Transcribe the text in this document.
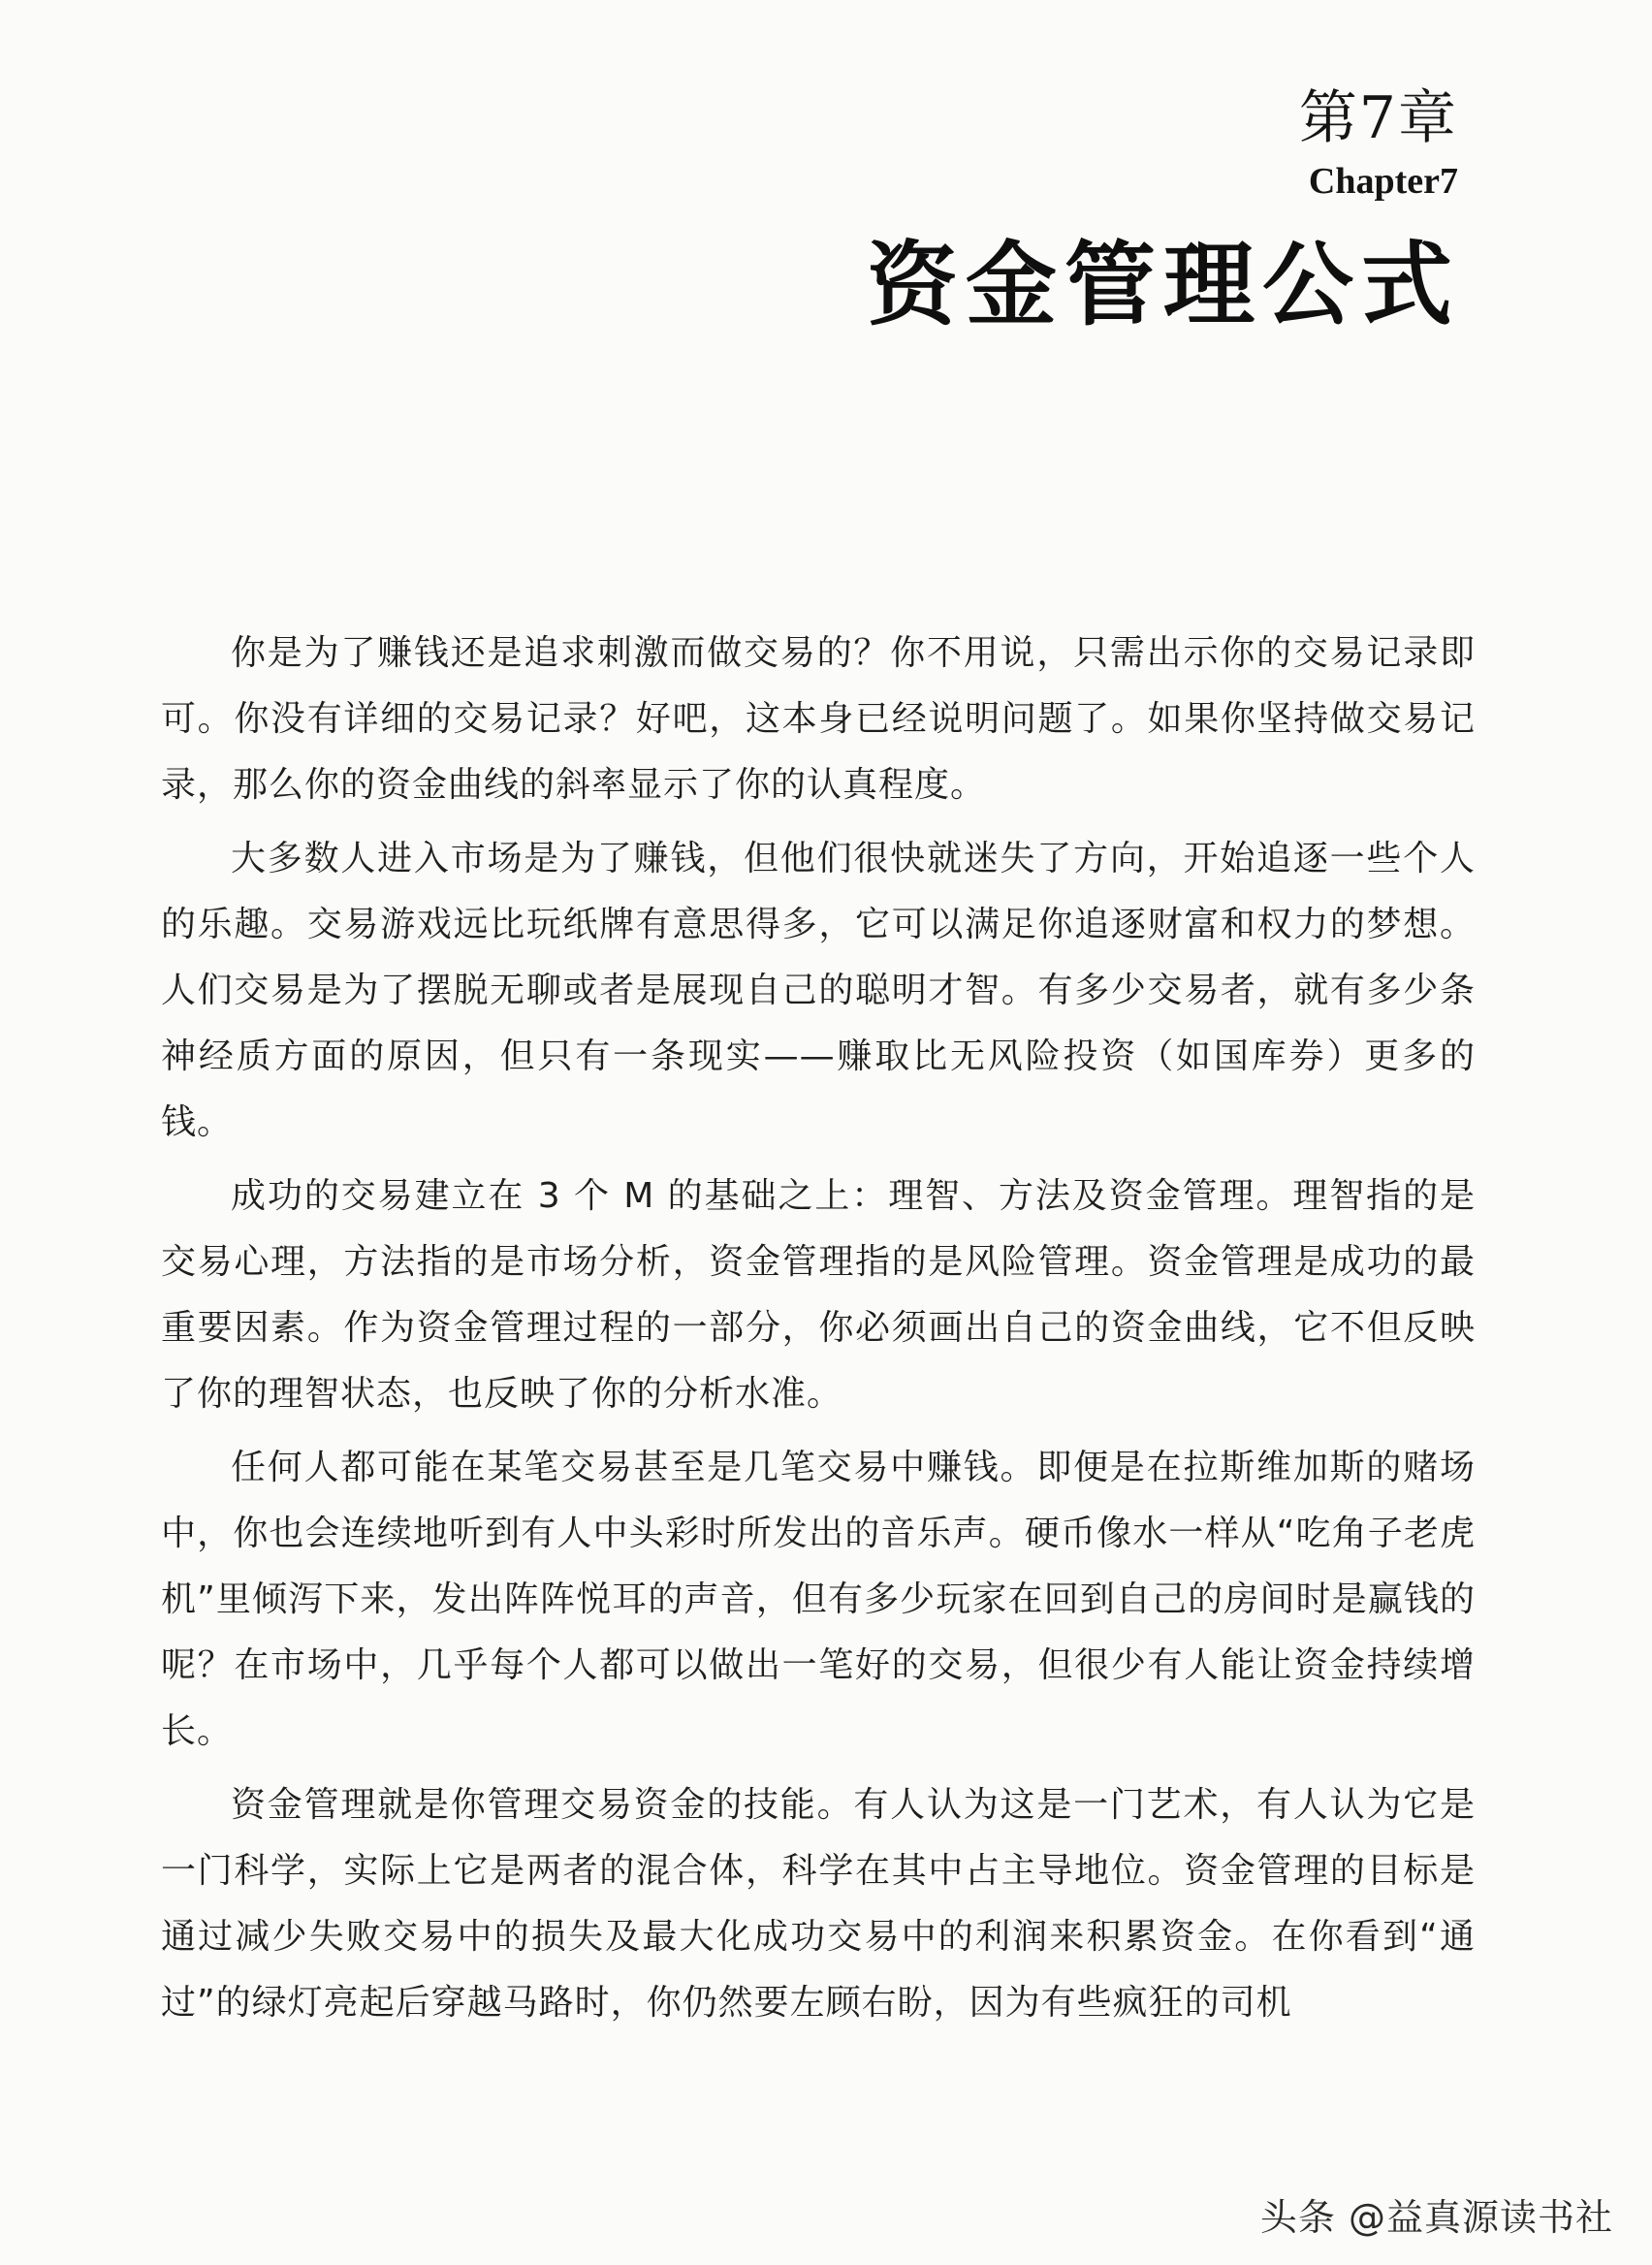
第7章
Chapter7
资金管理公式

你是为了赚钱还是追求刺激而做交易的？你不用说，只需出示你的交易记录即可。你没有详细的交易记录？好吧，这本身已经说明问题了。如果你坚持做交易记录，那么你的资金曲线的斜率显示了你的认真程度。

大多数人进入市场是为了赚钱，但他们很快就迷失了方向，开始追逐一些个人的乐趣。交易游戏远比玩纸牌有意思得多，它可以满足你追逐财富和权力的梦想。人们交易是为了摆脱无聊或者是展现自己的聪明才智。有多少交易者，就有多少条神经质方面的原因，但只有一条现实——赚取比无风险投资（如国库券）更多的钱。

成功的交易建立在 3 个 M 的基础之上：理智、方法及资金管理。理智指的是交易心理，方法指的是市场分析，资金管理指的是风险管理。资金管理是成功的最重要因素。作为资金管理过程的一部分，你必须画出自己的资金曲线，它不但反映了你的理智状态，也反映了你的分析水准。

任何人都可能在某笔交易甚至是几笔交易中赚钱。即便是在拉斯维加斯的赌场中，你也会连续地听到有人中头彩时所发出的音乐声。硬币像水一样从“吃角子老虎机”里倾泻下来，发出阵阵悦耳的声音，但有多少玩家在回到自己的房间时是赢钱的呢？在市场中，几乎每个人都可以做出一笔好的交易，但很少有人能让资金持续增长。

资金管理就是你管理交易资金的技能。有人认为这是一门艺术，有人认为它是一门科学，实际上它是两者的混合体，科学在其中占主导地位。资金管理的目标是通过减少失败交易中的损失及最大化成功交易中的利润来积累资金。在你看到“通过”的绿灯亮起后穿越马路时，你仍然要左顾右盼，因为有些疯狂的司机

头条 @益真源读书社
